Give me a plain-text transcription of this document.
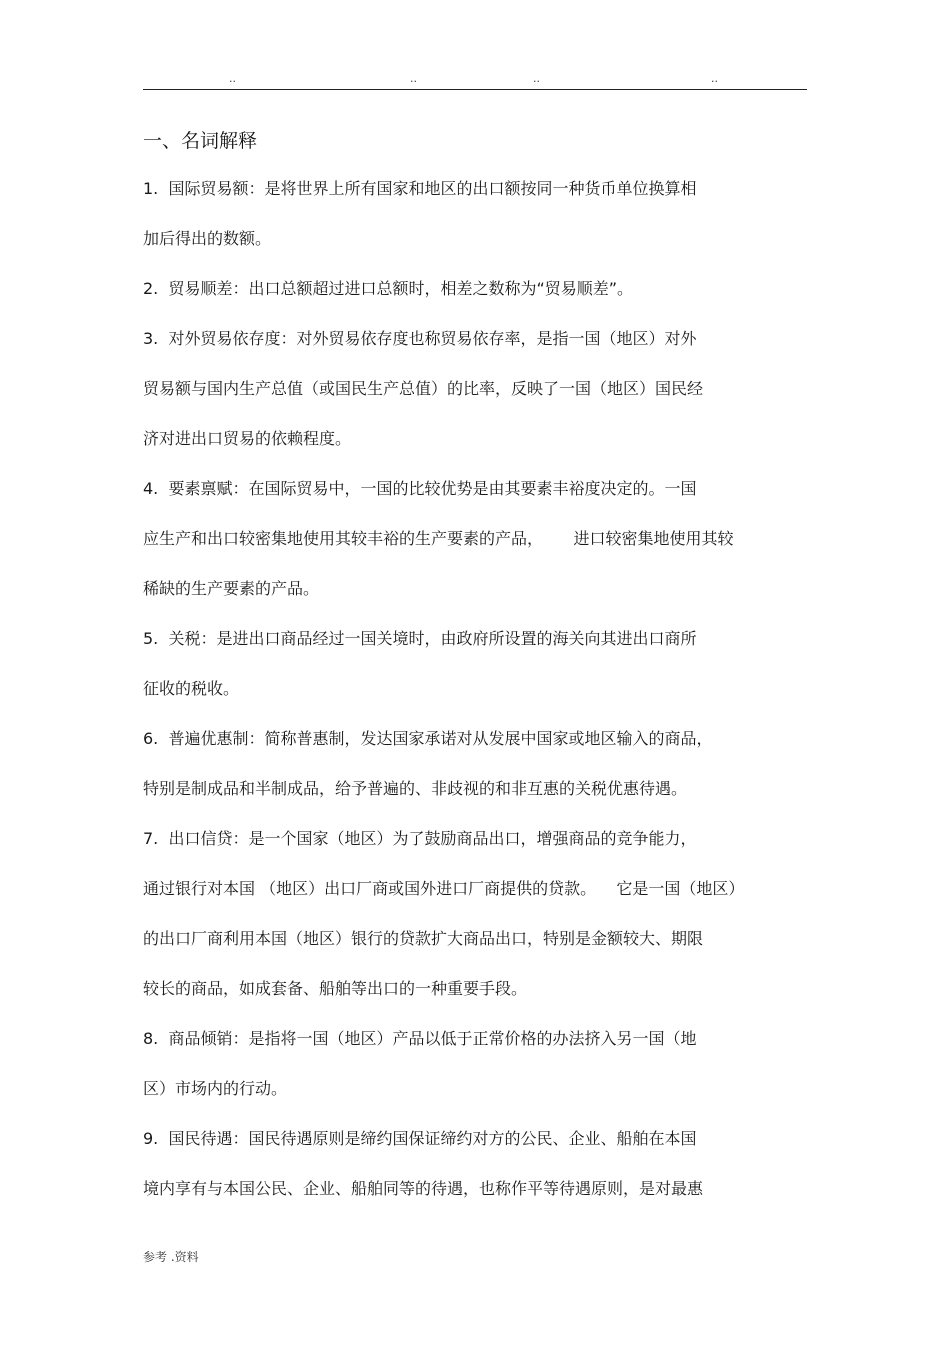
..	..	..	..
一、名词解释
1.  国际贸易额：是将世界上所有国家和地区的出口额按同一种货币单位换算相
加后得出的数额。
2.  贸易顺差：出口总额超过进口总额时，相差之数称为“贸易顺差”。
3.  对外贸易依存度：对外贸易依存度也称贸易依存率，是指一国（地区）对外
贸易额与国内生产总值（或国民生产总值）的比率，反映了一国（地区）国民经
济对进出口贸易的依赖程度。
4.  要素禀赋：在国际贸易中，一国的比较优势是由其要素丰裕度决定的。一国
应生产和出口较密集地使用其较丰裕的生产要素的产品，      进口较密集地使用其较
稀缺的生产要素的产品。
5.  关税：是进出口商品经过一国关境时，由政府所设置的海关向其进出口商所
征收的税收。
6.  普遍优惠制：简称普惠制，发达国家承诺对从发展中国家或地区输入的商品，
特别是制成品和半制成品，给予普遍的、非歧视的和非互惠的关税优惠待遇。
7.  出口信贷：是一个国家（地区）为了鼓励商品出口，增强商品的竞争能力，
通过银行对本国 （地区）出口厂商或国外进口厂商提供的贷款。    它是一国（地区）
的出口厂商利用本国（地区）银行的贷款扩大商品出口，特别是金额较大、期限
较长的商品，如成套备、船舶等出口的一种重要手段。
8.  商品倾销：是指将一国（地区）产品以低于正常价格的办法挤入另一国（地
区）市场内的行动。
9.  国民待遇：国民待遇原则是缔约国保证缔约对方的公民、企业、船舶在本国
境内享有与本国公民、企业、船舶同等的待遇，也称作平等待遇原则，是对最惠
参考 .资料
